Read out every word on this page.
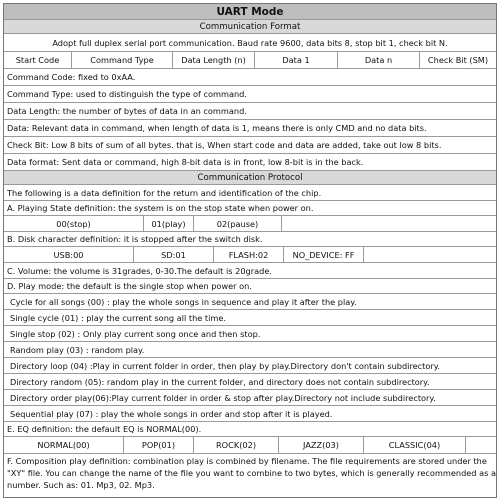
UART Mode
Communication Format
Adopt full duplex serial port communication. Baud rate 9600, data bits 8, stop bit 1, check bit N.
Start Code	Command Type	Data Length (n)	Data 1	Data n	Check Bit (SM)
Command Code: fixed to 0xAA.
Command Type: used to distinguish the type of command.
Data Length: the number of bytes of data in an command.
Data: Relevant data in command, when length of data is 1, means there is only CMD and no data bits.
Check Bit: Low 8 bits of sum of all bytes. that is, When start code and data are added, take out low 8 bits.
Data format: Sent data or command, high 8-bit data is in front, low 8-bit is in the back.
Communication Protocol
The following is a data definition for the return and identification of the chip.
A. Playing State definition: the system is on the stop state when power on.
00(stop)	01(play)	02(pause)
B. Disk character definition: it is stopped after the switch disk.
USB:00	SD:01	FLASH:02	NO_DEVICE: FF
C. Volume: the volume is 31grades, 0-30.The default is 20grade.
D. Play mode: the default is the single stop when power on.
Cycle for all songs (00) : play the whole songs in sequence and play it after the play.
Single cycle (01) : play the current song all the time.
Single stop (02) : Only play current song once and then stop.
Random play (03) : random play.
Directory loop (04) :Play in current folder in order, then play by play.Directory don't contain subdirectory.
Directory random (05): random play in the current folder, and directory does not contain subdirectory.
Directory order play(06):Play current folder in order & stop after play.Directory not include subdirectory.
Sequential play (07) : play the whole songs in order and stop after it is played.
E. EQ definition: the default EQ is NORMAL(00).
NORMAL(00)	POP(01)	ROCK(02)	JAZZ(03)	CLASSIC(04)
F. Composition play definition: combination play is combined by filename. The file requirements are stored under the "XY" file. You can change the name of the file you want to combine to two bytes, which is generally recommended as a number. Such as: 01. Mp3, 02. Mp3.
